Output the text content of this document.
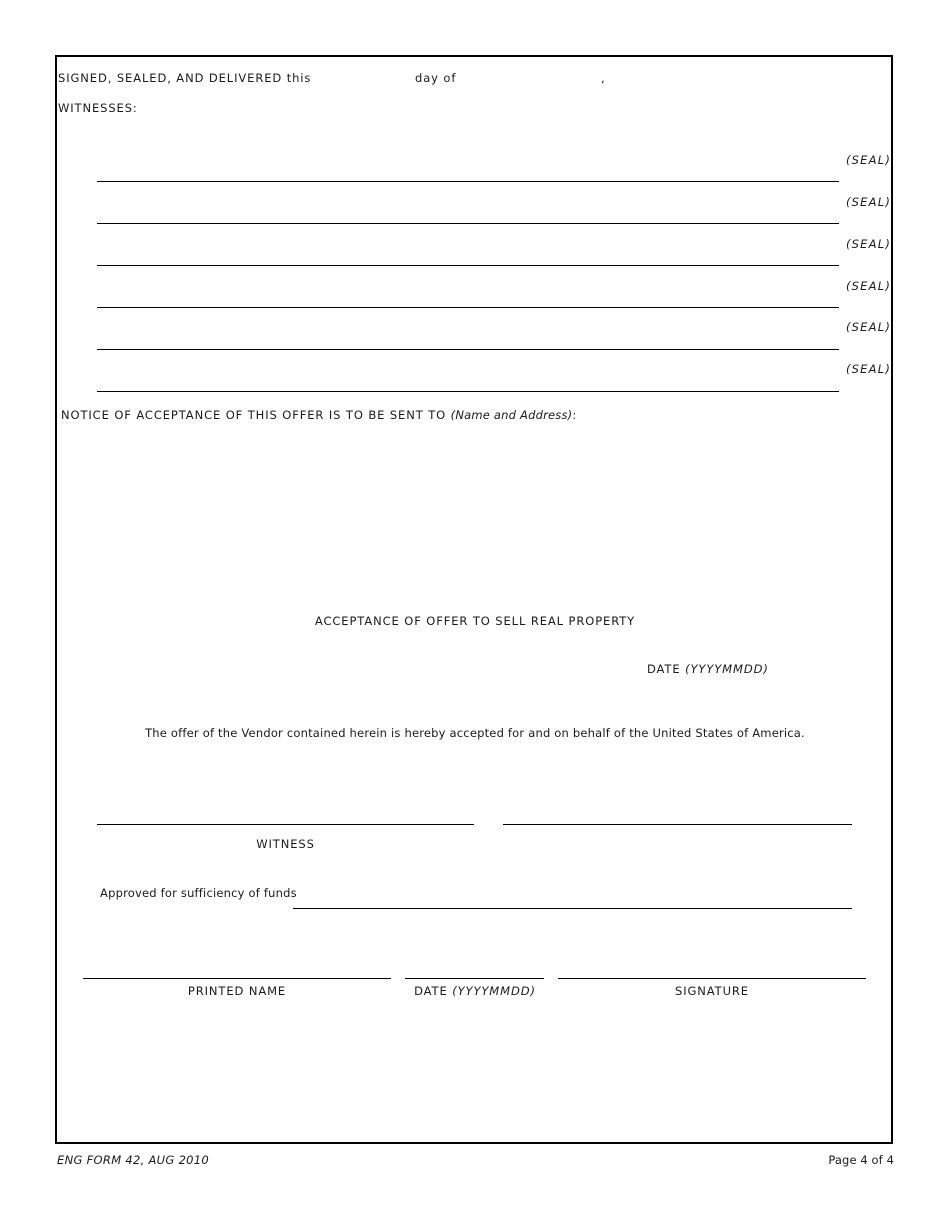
SIGNED, SEALED, AND DELIVERED this	day of	,
WITNESSES:
(SEAL)
(SEAL)
(SEAL)
(SEAL)
(SEAL)
(SEAL)
NOTICE OF ACCEPTANCE OF THIS OFFER IS TO BE SENT TO (Name and Address):
ACCEPTANCE OF OFFER TO SELL REAL PROPERTY
DATE (YYYYMMDD)
The offer of the Vendor contained herein is hereby accepted for and on behalf of the United States of America.
WITNESS
Approved for sufficiency of funds
PRINTED NAME	DATE (YYYYMMDD)	SIGNATURE
ENG FORM 42, AUG 2010	Page 4 of 4
